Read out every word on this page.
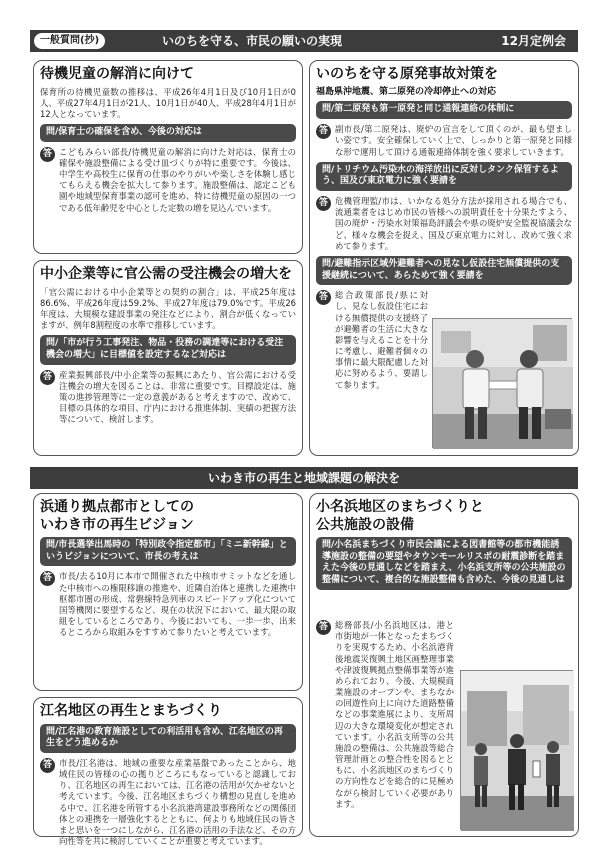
一般質問(抄)	いのちを守る、市民の願いの実現	12月定例会
待機児童の解消に向けて
保育所の待機児童数の推移は、平成26年4月1日及び10月1日が0人、平成27年4月1日が21人、10月1日が40人、平成28年4月1日が12人となっています。
問/保育士の確保を含め、今後の対応は
答 こどもみらい部長/待機児童の解消に向けた対応は、保育士の確保や施設整備による受け皿づくりが特に重要です。今後は、中学生や高校生に保育の仕事のやりがいや楽しさを体験し感じてもらえる機会を拡大して参ります。施設整備は、認定こども園や地域型保育事業の認可を進め、特に待機児童の原因の一つである低年齢児を中心とした定数の増を見込んでいます。
中小企業等に官公需の受注機会の増大を
「官公需における中小企業等との契約の割合」は、平成25年度は86.6%、平成26年度は59.2%、平成27年度は79.0%です。平成26年度は、大規模な建設事業の発注などにより、割合が低くなっていますが、例年8割程度の水準で推移しています。
問/「市が行う工事発注、物品・役務の調達等における受注機会の増大」に目標値を設定するなど対応は
答 産業振興部長/中小企業等の振興にあたり、官公需における受注機会の増大を図ることは、非常に重要です。目標設定は、施策の進捗管理等に一定の意義があると考えますので、改めて、目標の具体的な項目、庁内における推進体制、実績の把握方法等について、検討します。
いのちを守る原発事故対策を
福島県沖地震、第二原発の冷却停止への対応
問/第二原発も第一原発と同じ通報連絡の体制に
答 副市長/第二原発は、廃炉の宣言をして頂くのが、最も望ましい姿です。安全確保していく上で、しっかりと第一原発と同様な形で運用して頂ける通報連絡体制を強く要求していきます。
問/トリチウム汚染水の海洋放出に反対しタンク保管するよう、国及び東京電力に強く要請を
答 危機管理監/市は、いかなる処分方法が採用される場合でも、流通業者をはじめ市民の皆様への説明責任を十分果たすよう、国の廃炉・汚染水対策福島評議会や県の廃炉安全監視協議会など、様々な機会を捉え、国及び東京電力に対し、改めて強く求めて参ります。
問/避難指示区域外避難者への見なし仮設住宅無償提供の支援継続について、あらためて強く要請を
答 総合政策部長/県に対し、見なし仮設住宅における無償提供の支援終了が避難者の生活に大きな影響を与えることを十分に考慮し、避難者個々の事情に最大限配慮した対応に努めるよう、要請して参ります。
いわき市の再生と地域課題の解決を
浜通り拠点都市としての
いわき市の再生ビジョン
問/市長選挙出馬時の「特別政令指定都市」「ミニ新幹線」というビジョンについて、市長の考えは
答 市長/去る10月に本市で開催された中核市サミットなどを通した中核市への権限移譲の推進や、近隣自治体と連携した連携中枢都市圏の形成、常磐線特急列車のスピードアップ化について国等機関に要望するなど、現在の状況下において、最大限の取組をしているところであり、今後においても、一歩一歩、出来るところから取組みをすすめて参りたいと考えています。
江名地区の再生とまちづくり
問/江名港の教育施設としての利活用も含め、江名地区の再生をどう進めるか
答 市長/江名港は、地域の重要な産業基盤であったことから、地域住民の皆様の心の拠りどころにもなっていると認識しており、江名地区の再生においては、江名港の活用が欠かせないと考えています。今後、江名地区まちづくり構想の見直しを進める中で、江名港を所管する小名浜港湾建設事務所などの関係団体との連携を一層強化するとともに、何よりも地域住民の皆さまと思いを一つにしながら、江名港の活用の手法など、その方向性等を共に検討していくことが重要と考えています。
小名浜地区のまちづくりと
公共施設の設備
問/小名浜まちづくり市民会議による図書館等の都市機能誘導施設の整備の要望やタウンモールリスポの耐震診断を踏まえた今後の見通しなどを踏まえ、小名浜支所等の公共施設の整備について、複合的な施設整備も含めた、今後の見通しは
答 総務部長/小名浜地区は、港と市街地が一体となったまちづくりを実現するため、小名浜港背後地震災復興土地区画整理事業や津波復興拠点整備事業等が進められており、今後、大規模商業施設のオープンや、まちなかの回遊性向上に向けた道路整備などの事業進展により、支所周辺の大きな環境変化が想定されています。小名浜支所等の公共施設の整備は、公共施設等総合管理計画との整合性を図るとともに、小名浜地区のまちづくりの方向性などを総合的に見極めながら検討していく必要があります。
